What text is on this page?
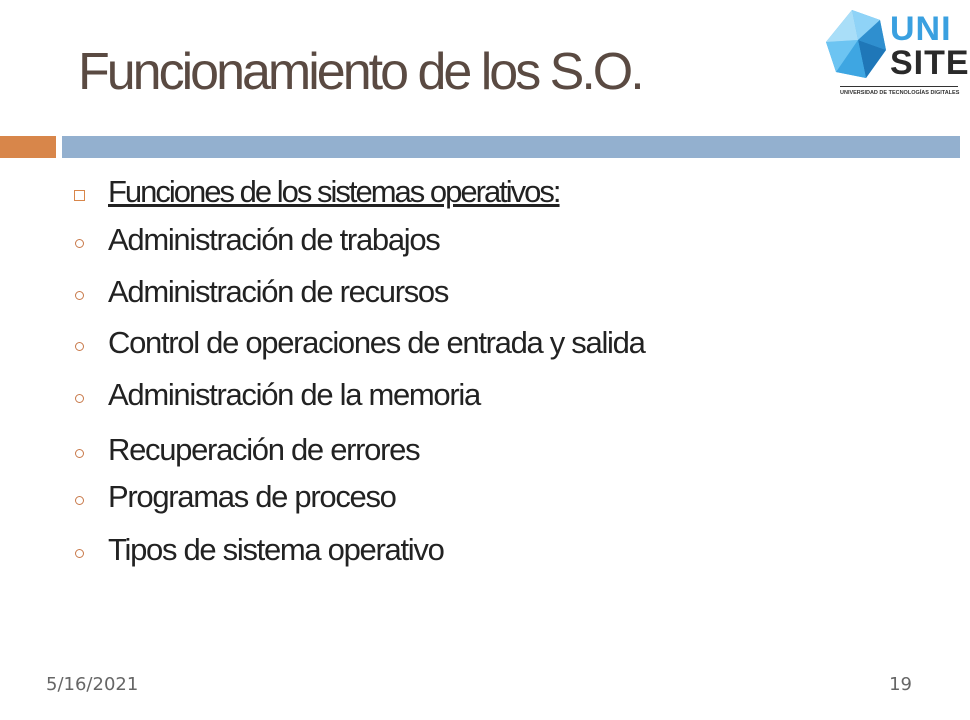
Funcionamiento de los S.O.
UNI
SITE
UNIVERSIDAD DE TECNOLOGÍAS DIGITALES
Funciones de los sistemas operativos:
Administración de trabajos
Administración de recursos
Control de operaciones de entrada y salida
Administración de la memoria
Recuperación de errores
Programas de proceso
Tipos de sistema operativo
5/16/2021	19
